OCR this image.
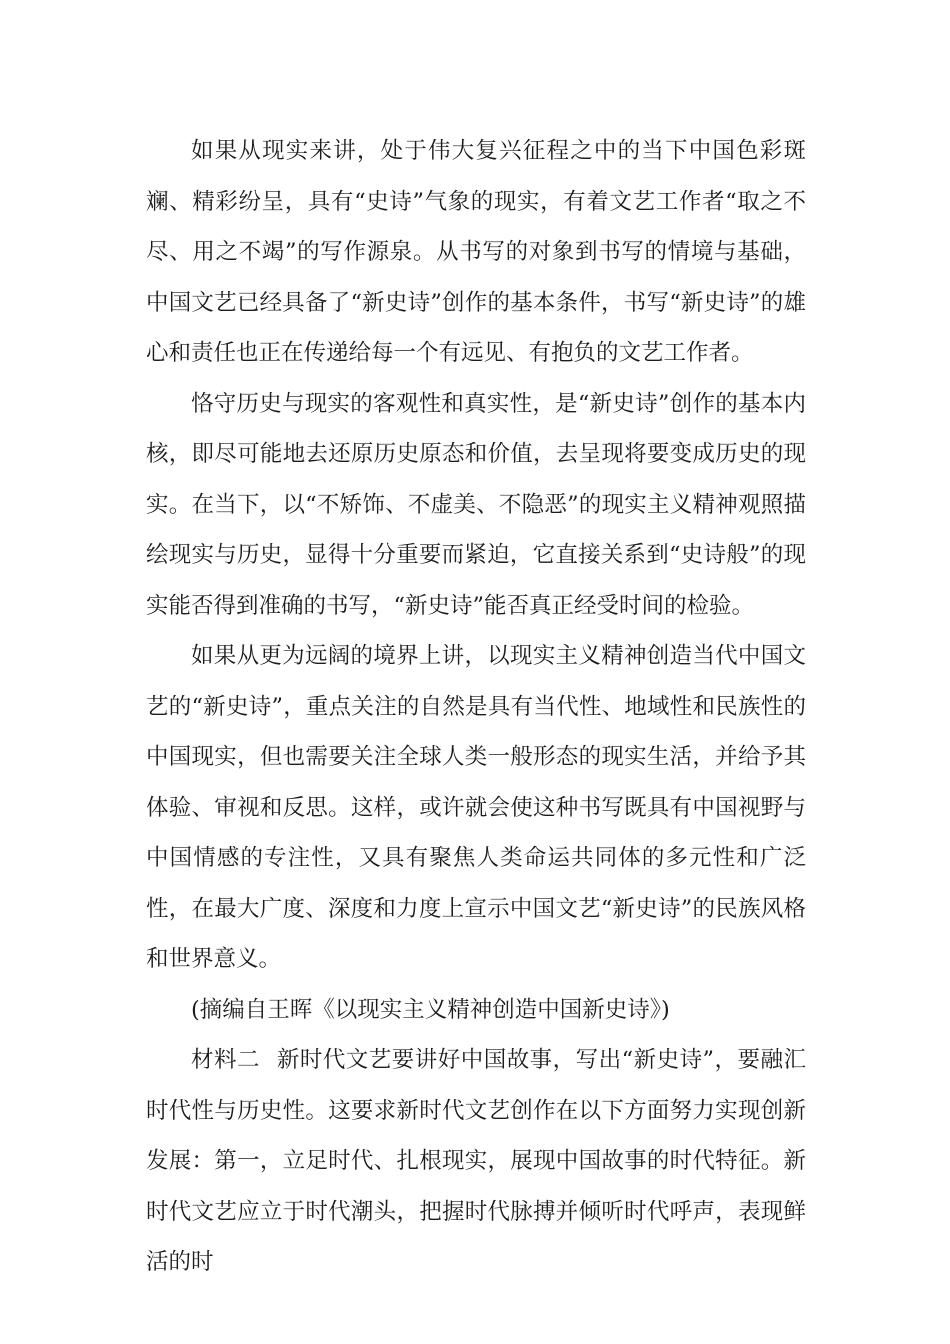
如果从现实来讲，处于伟大复兴征程之中的当下中国色彩斑斓、精彩纷呈，具有“史诗”气象的现实，有着文艺工作者“取之不尽、用之不竭”的写作源泉。从书写的对象到书写的情境与基础，中国文艺已经具备了“新史诗”创作的基本条件，书写“新史诗”的雄心和责任也正在传递给每一个有远见、有抱负的文艺工作者。

恪守历史与现实的客观性和真实性，是“新史诗”创作的基本内核，即尽可能地去还原历史原态和价值，去呈现将要变成历史的现实。在当下，以“不矫饰、不虚美、不隐恶”的现实主义精神观照描绘现实与历史，显得十分重要而紧迫，它直接关系到“史诗般”的现实能否得到准确的书写，“新史诗”能否真正经受时间的检验。

如果从更为远阔的境界上讲，以现实主义精神创造当代中国文艺的“新史诗”，重点关注的自然是具有当代性、地域性和民族性的中国现实，但也需要关注全球人类一般形态的现实生活，并给予其体验、审视和反思。这样，或许就会使这种书写既具有中国视野与中国情感的专注性，又具有聚焦人类命运共同体的多元性和广泛性，在最大广度、深度和力度上宣示中国文艺“新史诗”的民族风格和世界意义。

(摘编自王晖《以现实主义精神创造中国新史诗》)

材料二 新时代文艺要讲好中国故事，写出“新史诗”，要融汇时代性与历史性。这要求新时代文艺创作在以下方面努力实现创新发展：第一，立足时代、扎根现实，展现中国故事的时代特征。新时代文艺应立于时代潮头，把握时代脉搏并倾听时代呼声，表现鲜活的时
